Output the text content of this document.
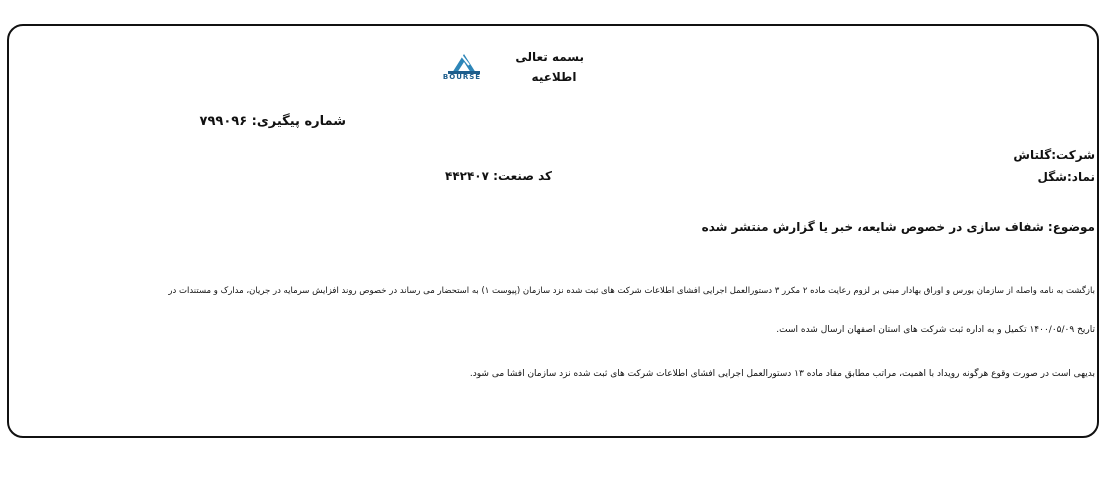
BOURSE
بسمه تعالی
اطلاعیه
شماره پیگیری: ۷۹۹۰۹۶
شرکت:گلتاش
نماد:شگل
کد صنعت: ۴۴۲۴۰۷
موضوع: شفاف سازی در خصوص شایعه، خبر یا گزارش منتشر شده
بازگشت به نامه واصله از سازمان بورس و اوراق بهادار مبنی بر لزوم رعایت ماده ۲ مکرر ۳ دستورالعمل اجرایی افشای اطلاعات شرکت های ثبت شده نزد سازمان (پیوست ۱) به استحضار می رساند در خصوص روند افزایش سرمایه در جریان، مدارک و مستندات در
تاریخ ۱۴۰۰/۰۵/۰۹ تکمیل و به اداره ثبت شرکت های استان اصفهان ارسال شده است.
بدیهی است در صورت وقوع هرگونه رویداد با اهمیت، مراتب مطابق مفاد ماده ۱۳ دستورالعمل اجرایی افشای اطلاعات شرکت های ثبت شده نزد سازمان افشا می شود.
